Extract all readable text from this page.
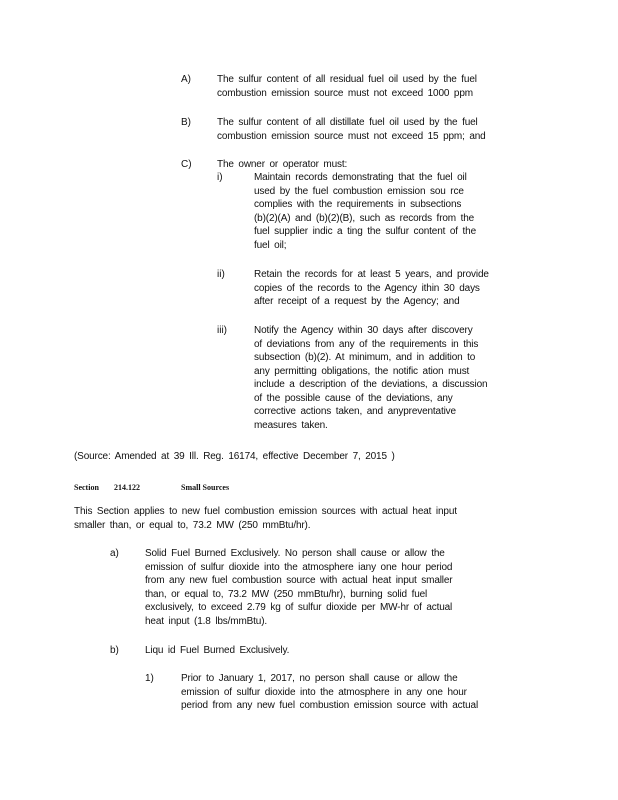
A)	The sulfur content of all residual fuel oil used by the fuel
combustion emission source must not exceed 1000 ppm
B)	The sulfur content of all distillate fuel oil used by the fuel
combustion emission source must not exceed 15 ppm; and
C)	The owner or operator must:
i)	Maintain records demonstrating that the fuel oil
used by the fuel combustion emission sou rce
complies with the requirements in subsections
(b)(2)(A) and (b)(2)(B), such as records from the
fuel supplier indic a ting the sulfur content of the
fuel oil;
ii)	Retain the records for at least 5 years, and provide
copies of the records to the Agency ithin 30 days
after receipt of a request by the Agency; and
iii)	Notify the Agency within 30 days after discovery
of deviations from any of the requirements in this
subsection (b)(2). At minimum, and in addition to
any permitting obligations, the notific ation must
include a description of the deviations, a discussion
of the possible cause of the deviations, any
corrective actions taken, and anypreventative
measures taken.
(Source: Amended at 39 Ill. Reg. 16174, effective December 7, 2015 )
Section 214.122	Small Sources
This Section applies to new fuel combustion emission sources with actual heat input
smaller than, or equal to, 73.2 MW (250 mmBtu/hr).
a)	Solid Fuel Burned Exclusively. No person shall cause or allow the
emission of sulfur dioxide into the atmosphere iany one hour period
from any new fuel combustion source with actual heat input smaller
than, or equal to, 73.2 MW (250 mmBtu/hr), burning solid fuel
exclusively, to exceed 2.79 kg of sulfur dioxide per MW-hr of actual
heat input (1.8 lbs/mmBtu).
b)	Liqu id Fuel Burned Exclusively.
1)	Prior to January 1, 2017, no person shall cause or allow the
emission of sulfur dioxide into the atmosphere in any one hour
period from any new fuel combustion emission source with actual
